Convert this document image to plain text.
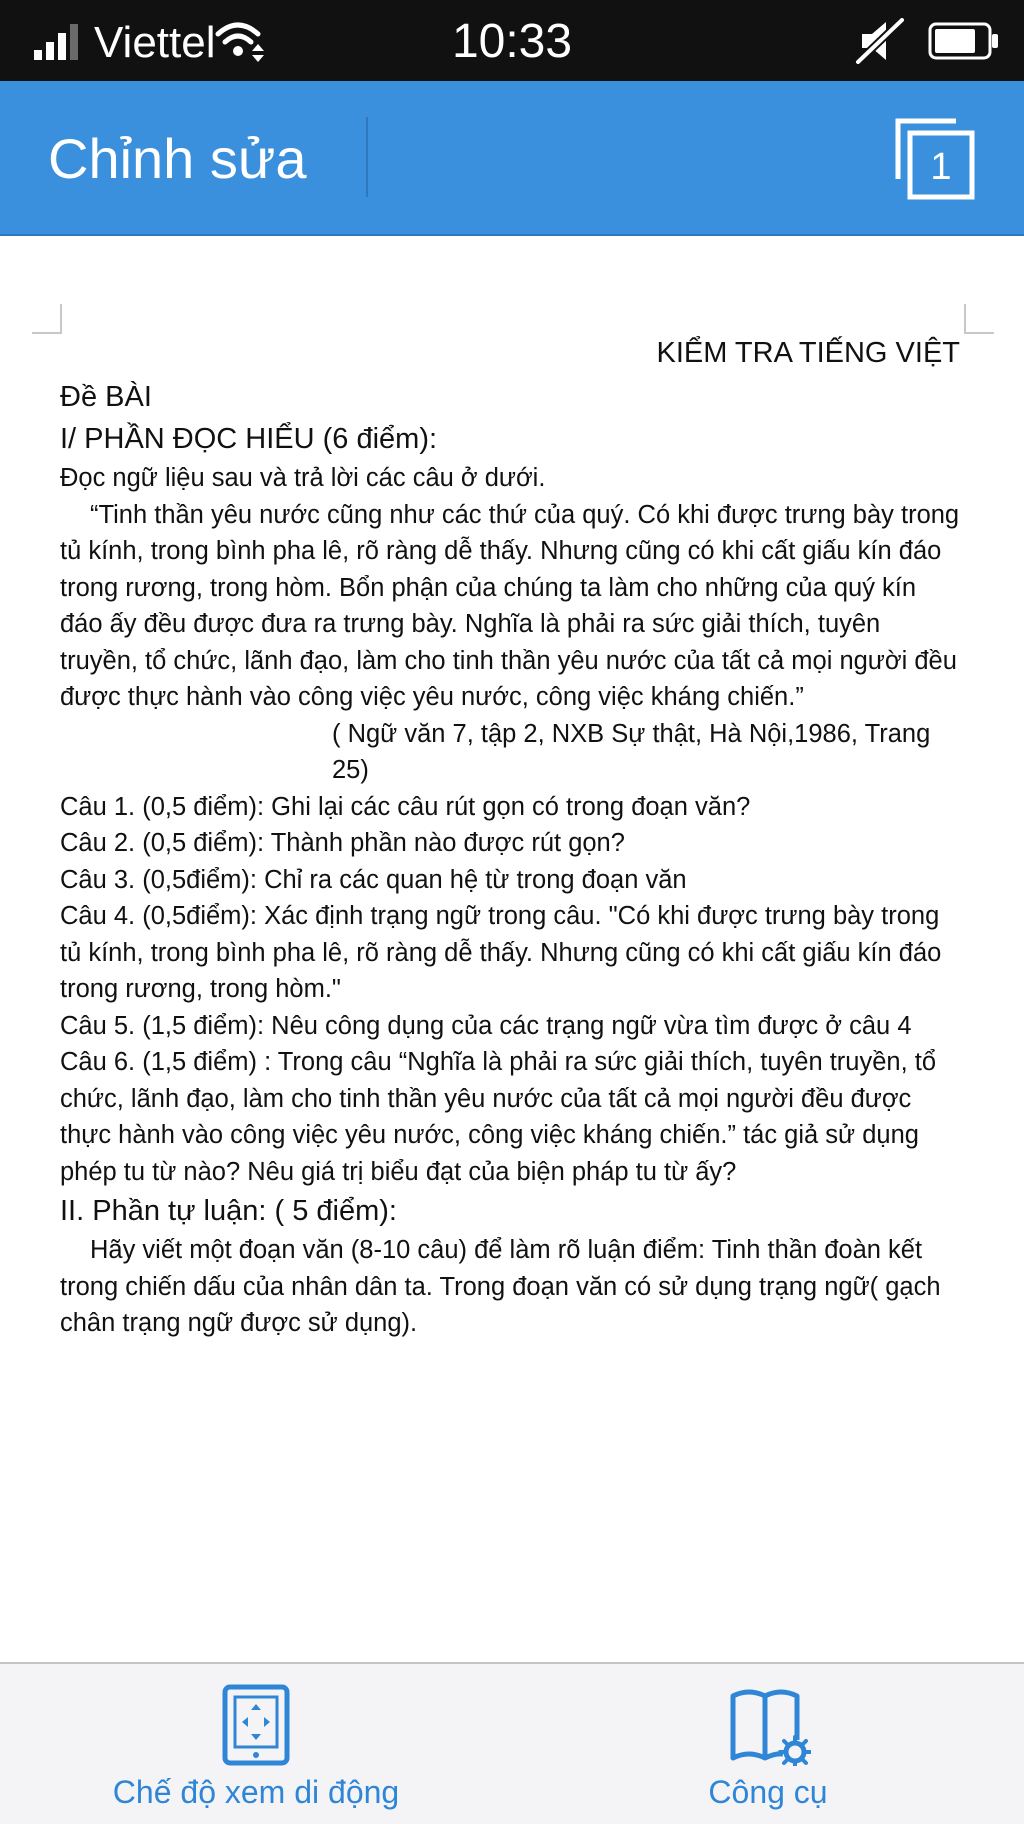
Viettel	10:33
Chỉnh sửa	1

KIỂM TRA TIẾNG VIỆT

Đề BÀI

I/ PHẦN ĐỌC HIỂU (6 điểm):

Đọc ngữ liệu sau và trả lời các câu ở dưới.

“Tinh thần yêu nước cũng như các thứ của quý. Có khi được trưng bày trong tủ kính, trong bình pha lê, rõ ràng dễ thấy. Nhưng cũng có khi cất giấu kín đáo trong rương, trong hòm. Bổn phận của chúng ta làm cho những của quý kín đáo ấy đều được đưa ra trưng bày. Nghĩa là phải ra sức giải thích, tuyên truyền, tổ chức, lãnh đạo, làm cho tinh thần yêu nước của tất cả mọi người đều được thực hành vào công việc yêu nước, công việc kháng chiến.”

( Ngữ văn 7, tập 2, NXB Sự thật, Hà Nội,1986, Trang 25)

Câu 1. (0,5 điểm): Ghi lại các câu rút gọn có trong đoạn văn?

Câu 2. (0,5 điểm): Thành phần nào được rút gọn?

Câu 3. (0,5điểm): Chỉ ra các quan hệ từ trong đoạn văn

Câu 4. (0,5điểm): Xác định trạng ngữ trong câu. "Có khi được trưng bày trong tủ kính, trong bình pha lê, rõ ràng dễ thấy. Nhưng cũng có khi cất giấu kín đáo trong rương, trong hòm."

Câu 5. (1,5 điểm): Nêu công dụng của các trạng ngữ vừa tìm được ở câu 4

Câu 6. (1,5 điểm) : Trong câu “Nghĩa là phải ra sức giải thích, tuyên truyền, tổ chức, lãnh đạo, làm cho tinh thần yêu nước của tất cả mọi người đều được thực hành vào công việc yêu nước, công việc kháng chiến.” tác giả sử dụng phép tu từ nào? Nêu giá trị biểu đạt của biện pháp tu từ ấy?

II. Phần tự luận: ( 5 điểm):

Hãy viết một đoạn văn (8-10 câu) để làm rõ luận điểm: Tinh thần đoàn kết trong chiến dấu của nhân dân ta. Trong đoạn văn có sử dụng trạng ngữ( gạch chân trạng ngữ được sử dụng).

Chế độ xem di động	Công cụ
